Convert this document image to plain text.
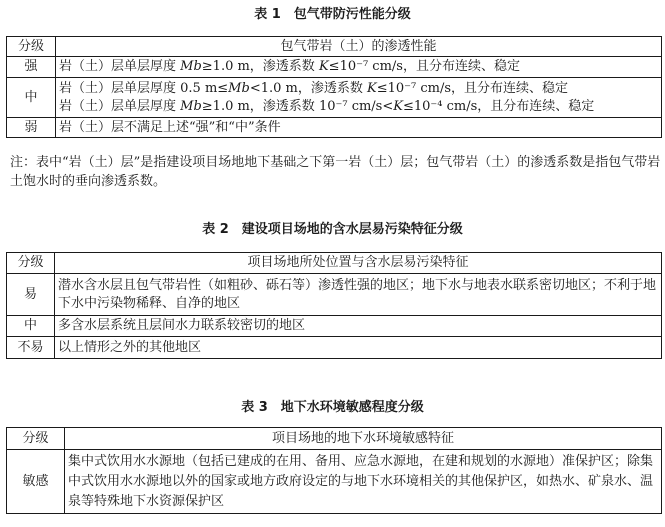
表 1　包气带防污性能分级
分级	包气带岩（土）的渗透性能
强	岩（土）层单层厚度 Mb≥1.0 m，渗透系数 K≤10⁻⁷ cm/s，且分布连续、稳定
中	岩（土）层单层厚度 0.5 m≤Mb<1.0 m，渗透系数 K≤10⁻⁷ cm/s，且分布连续、稳定
岩（土）层单层厚度 Mb≥1.0 m，渗透系数 10⁻⁷ cm/s<K≤10⁻⁴ cm/s，且分布连续、稳定

弱	岩（土）层不满足上述“强”和“中”条件
注：表中“岩（土）层”是指建设项目场地地下基础之下第一岩（土）层；包气带岩（土）的渗透系数是指包气带岩土饱水时的垂向渗透系数。
表 2　建设项目场地的含水层易污染特征分级
分级	项目场地所处位置与含水层易污染特征
易	潜水含水层且包气带岩性（如粗砂、砾石等）渗透性强的地区；地下水与地表水联系密切地区；不利于地下水中污染物稀释、自净的地区
中	多含水层系统且层间水力联系较密切的地区
不易	以上情形之外的其他地区
表 3　地下水环境敏感程度分级
分级	项目场地的地下水环境敏感特征
敏感	集中式饮用水水源地（包括已建成的在用、备用、应急水源地，在建和规划的水源地）准保护区；除集中式饮用水水源地以外的国家或地方政府设定的与地下水环境相关的其他保护区，如热水、矿泉水、温泉等特殊地下水资源保护区
